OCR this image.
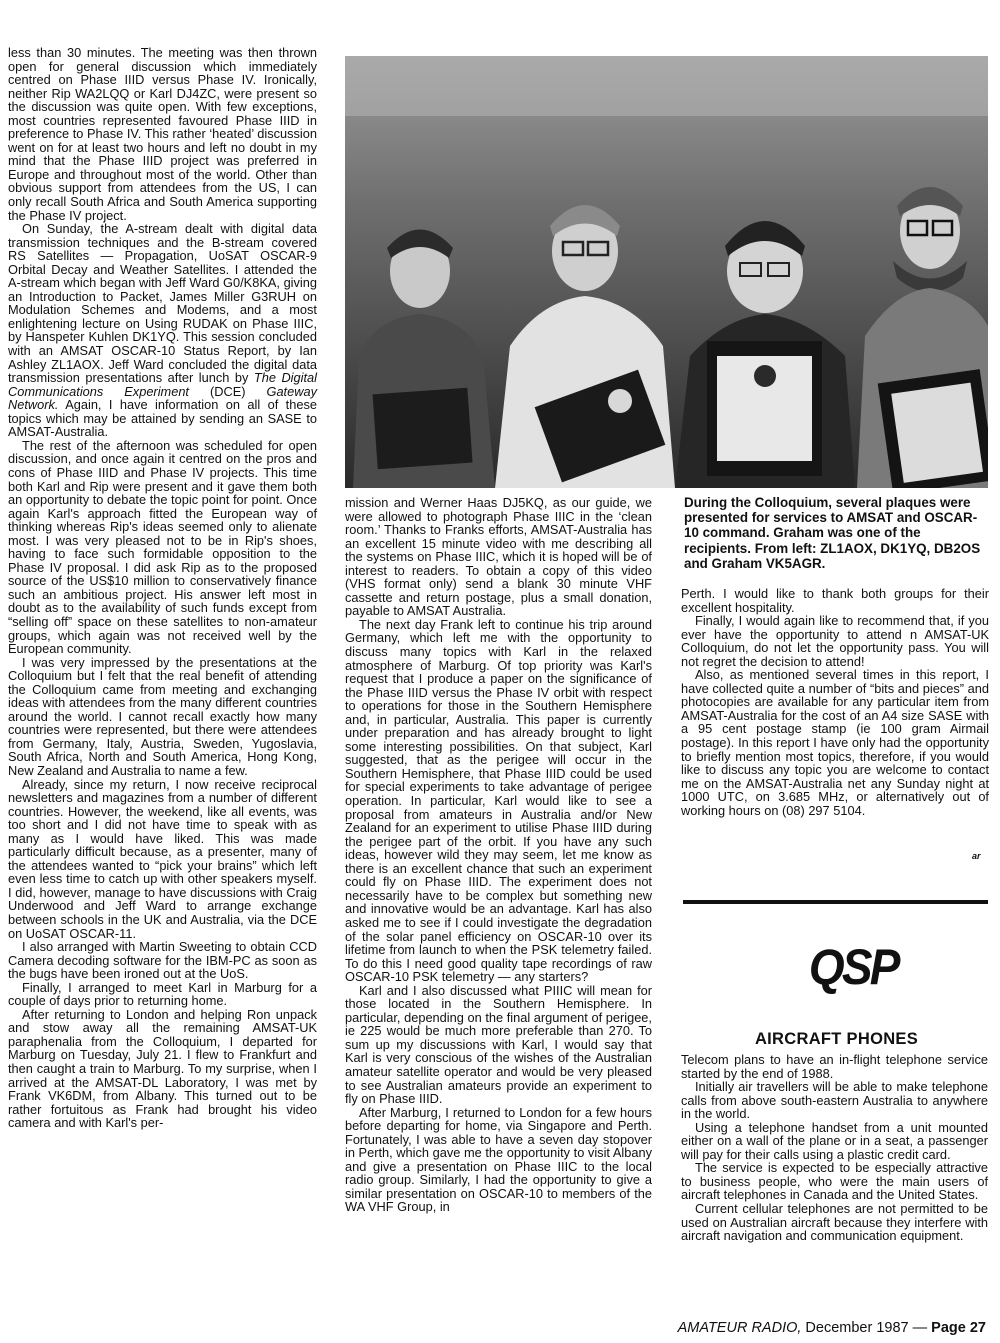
less than 30 minutes. The meeting was then thrown open for general discussion which immediately centred on Phase IIID versus Phase IV. Ironically, neither Rip WA2LQQ or Karl DJ4ZC, were present so the discussion was quite open. With few exceptions, most countries represented favoured Phase IIID in preference to Phase IV. This rather ‘heated’ discussion went on for at least two hours and left no doubt in my mind that the Phase IIID project was preferred in Europe and throughout most of the world. Other than obvious support from attendees from the US, I can only recall South Africa and South America supporting the Phase IV project.

On Sunday, the A-stream dealt with digital data transmission techniques and the B-stream covered RS Satellites — Propagation, UoSAT OSCAR-9 Orbital Decay and Weather Satellites. I attended the A-stream which began with Jeff Ward G0/K8KA, giving an Introduction to Packet, James Miller G3RUH on Modulation Schemes and Modems, and a most enlightening lecture on Using RUDAK on Phase IIIC, by Hanspeter Kuhlen DK1YQ. This session concluded with an AMSAT OSCAR-10 Status Report, by Ian Ashley ZL1AOX. Jeff Ward concluded the digital data transmission presentations after lunch by The Digital Communications Experiment (DCE) Gateway Network. Again, I have information on all of these topics which may be attained by sending an SASE to AMSAT-Australia.

The rest of the afternoon was scheduled for open discussion, and once again it centred on the pros and cons of Phase IIID and Phase IV projects. This time both Karl and Rip were present and it gave them both an opportunity to debate the topic point for point. Once again Karl's approach fitted the European way of thinking whereas Rip's ideas seemed only to alienate most. I was very pleased not to be in Rip's shoes, having to face such formidable opposition to the Phase IV proposal. I did ask Rip as to the proposed source of the US$10 million to conservatively finance such an ambitious project. His answer left most in doubt as to the availability of such funds except from “selling off” space on these satellites to non-amateur groups, which again was not received well by the European community.

I was very impressed by the presentations at the Colloquium but I felt that the real benefit of attending the Colloquium came from meeting and exchanging ideas with attendees from the many different countries around the world. I cannot recall exactly how many countries were represented, but there were attendees from Germany, Italy, Austria, Sweden, Yugoslavia, South Africa, North and South America, Hong Kong, New Zealand and Australia to name a few.

Already, since my return, I now receive reciprocal newsletters and magazines from a number of different countries. However, the weekend, like all events, was too short and I did not have time to speak with as many as I would have liked. This was made particularly difficult because, as a presenter, many of the attendees wanted to “pick your brains” which left even less time to catch up with other speakers myself. I did, however, manage to have discussions with Craig Underwood and Jeff Ward to arrange exchange between schools in the UK and Australia, via the DCE on UoSAT OSCAR-11.

I also arranged with Martin Sweeting to obtain CCD Camera decoding software for the IBM-PC as soon as the bugs have been ironed out at the UoS.

Finally, I arranged to meet Karl in Marburg for a couple of days prior to returning home.

After returning to London and helping Ron unpack and stow away all the remaining AMSAT-UK paraphenalia from the Colloquium, I departed for Marburg on Tuesday, July 21. I flew to Frankfurt and then caught a train to Marburg. To my surprise, when I arrived at the AMSAT-DL Laboratory, I was met by Frank VK6DM, from Albany. This turned out to be rather fortuitous as Frank had brought his video camera and with Karl's per-

During the Colloquium, several plaques were presented for services to AMSAT and OSCAR-10 command. Graham was one of the recipients. From left: ZL1AOX, DK1YQ, DB2OS and Graham VK5AGR.

mission and Werner Haas DJ5KQ, as our guide, we were allowed to photograph Phase IIIC in the ‘clean room.’ Thanks to Franks efforts, AMSAT-Australia has an excellent 15 minute video with me describing all the systems on Phase IIIC, which it is hoped will be of interest to readers. To obtain a copy of this video (VHS format only) send a blank 30 minute VHF cassette and return postage, plus a small donation, payable to AMSAT Australia.

The next day Frank left to continue his trip around Germany, which left me with the opportunity to discuss many topics with Karl in the relaxed atmosphere of Marburg. Of top priority was Karl's request that I produce a paper on the significance of the Phase IIID versus the Phase IV orbit with respect to operations for those in the Southern Hemisphere and, in particular, Australia. This paper is currently under preparation and has already brought to light some interesting possibilities. On that subject, Karl suggested, that as the perigee will occur in the Southern Hemisphere, that Phase IIID could be used for special experiments to take advantage of perigee operation. In particular, Karl would like to see a proposal from amateurs in Australia and/or New Zealand for an experiment to utilise Phase IIID during the perigee part of the orbit. If you have any such ideas, however wild they may seem, let me know as there is an excellent chance that such an experiment could fly on Phase IIID. The experiment does not necessarily have to be complex but something new and innovative would be an advantage. Karl has also asked me to see if I could investigate the degradation of the solar panel efficiency on OSCAR-10 over its lifetime from launch to when the PSK telemetry failed. To do this I need good quality tape recordings of raw OSCAR-10 PSK telemetry — any starters?

Karl and I also discussed what PIIIC will mean for those located in the Southern Hemisphere. In particular, depending on the final argument of perigee, ie 225 would be much more preferable than 270. To sum up my discussions with Karl, I would say that Karl is very conscious of the wishes of the Australian amateur satellite operator and would be very pleased to see Australian amateurs provide an experiment to fly on Phase IIID.

After Marburg, I returned to London for a few hours before departing for home, via Singapore and Perth. Fortunately, I was able to have a seven day stopover in Perth, which gave me the opportunity to visit Albany and give a presentation on Phase IIIC to the local radio group. Similarly, I had the opportunity to give a similar presentation on OSCAR-10 to members of the WA VHF Group, in

Perth. I would like to thank both groups for their excellent hospitality.

Finally, I would again like to recommend that, if you ever have the opportunity to attend n AMSAT-UK Colloquium, do not let the opportunity pass. You will not regret the decision to attend!

Also, as mentioned several times in this report, I have collected quite a number of “bits and pieces” and photocopies are available for any particular item from AMSAT-Australia for the cost of an A4 size SASE with a 95 cent postage stamp (ie 100 gram Airmail postage). In this report I have only had the opportunity to briefly mention most topics, therefore, if you would like to discuss any topic you are welcome to contact me on the AMSAT-Australia net any Sunday night at 1000 UTC, on 3.685 MHz, or alternatively out of working hours on (08) 297 5104.

ar
QSP
AIRCRAFT PHONES

Telecom plans to have an in-flight telephone service started by the end of 1988.

Initially air travellers will be able to make telephone calls from above south-eastern Australia to anywhere in the world.

Using a telephone handset from a unit mounted either on a wall of the plane or in a seat, a passenger will pay for their calls using a plastic credit card.

The service is expected to be especially attractive to business people, who were the main users of aircraft telephones in Canada and the United States.

Current cellular telephones are not permitted to be used on Australian aircraft because they interfere with aircraft navigation and communication equipment.

AMATEUR RADIO, December 1987 — Page 27
